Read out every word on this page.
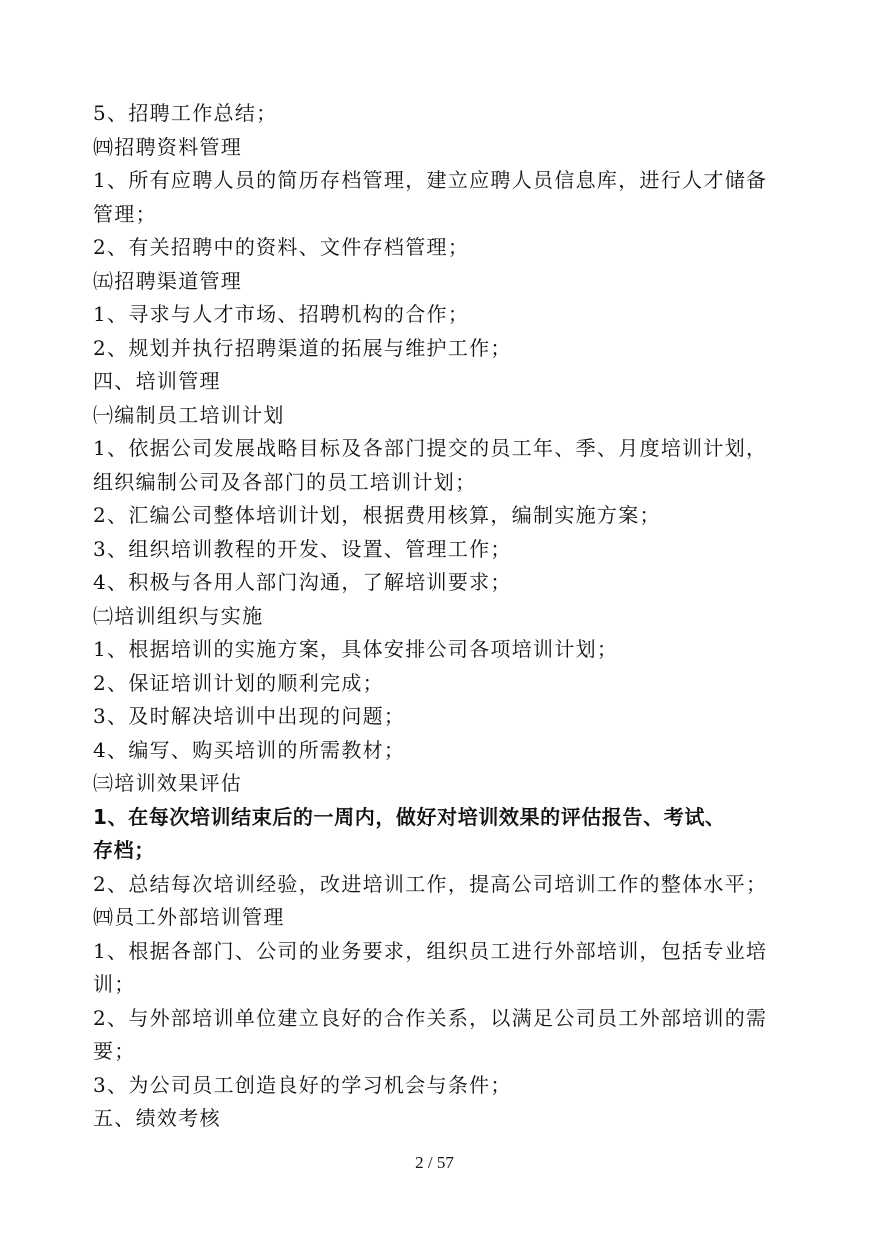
5、招聘工作总结；
㈣招聘资料管理
1、所有应聘人员的简历存档管理，建立应聘人员信息库，进行人才储备
管理；
2、有关招聘中的资料、文件存档管理；
㈤招聘渠道管理
1、寻求与人才市场、招聘机构的合作；
2、规划并执行招聘渠道的拓展与维护工作；
四、培训管理
㈠编制员工培训计划
1、依据公司发展战略目标及各部门提交的员工年、季、月度培训计划，
组织编制公司及各部门的员工培训计划；
2、汇编公司整体培训计划，根据费用核算，编制实施方案；
3、组织培训教程的开发、设置、管理工作；
4、积极与各用人部门沟通，了解培训要求；
㈡培训组织与实施
1、根据培训的实施方案，具体安排公司各项培训计划；
2、保证培训计划的顺利完成；
3、及时解决培训中出现的问题；
4、编写、购买培训的所需教材；
㈢培训效果评估
1、在每次培训结束后的一周内，做好对培训效果的评估报告、考试、
存档；
2、总结每次培训经验，改进培训工作，提高公司培训工作的整体水平；
㈣员工外部培训管理
1、根据各部门、公司的业务要求，组织员工进行外部培训，包括专业培
训；
2、与外部培训单位建立良好的合作关系，以满足公司员工外部培训的需
要；
3、为公司员工创造良好的学习机会与条件；
五、绩效考核
2 / 57
